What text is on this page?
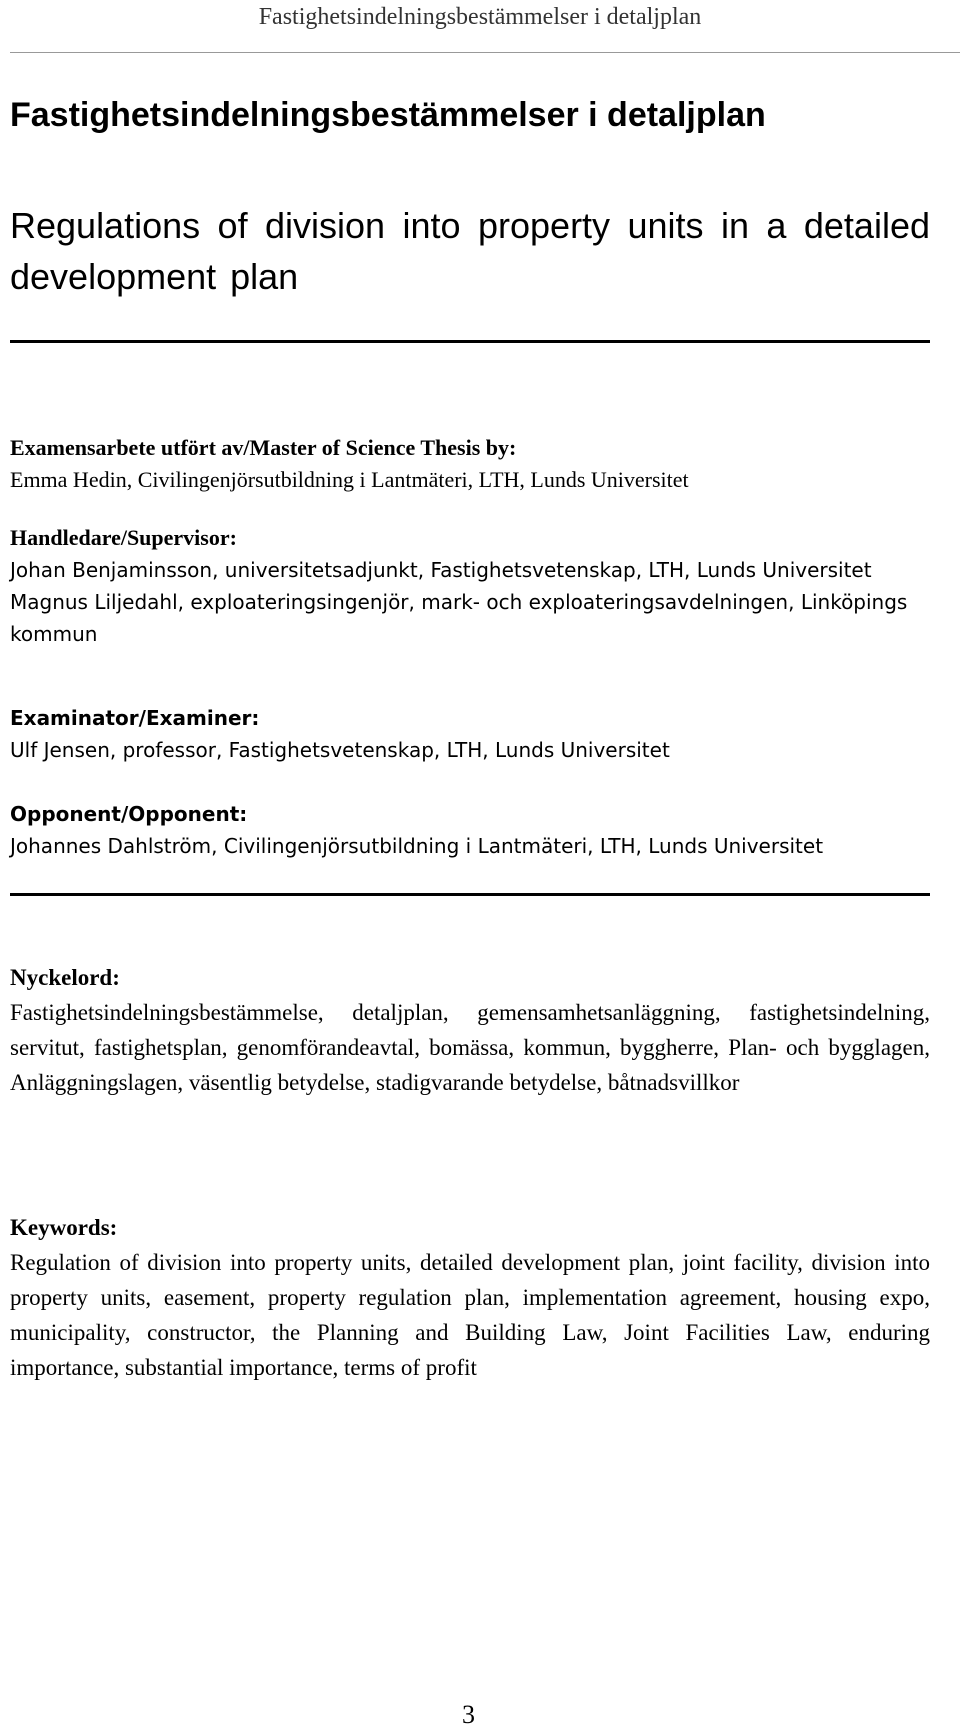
Fastighetsindelningsbestämmelser i detaljplan
Fastighetsindelningsbestämmelser i detaljplan
Regulations of division into property units in a detailed development plan
Examensarbete utfört av/Master of Science Thesis by:
Emma Hedin, Civilingenjörsutbildning i Lantmäteri, LTH, Lunds Universitet
Handledare/Supervisor:
Johan Benjaminsson, universitetsadjunkt, Fastighetsvetenskap, LTH, Lunds Universitet
Magnus Liljedahl, exploateringsingenjör, mark- och exploateringsavdelningen, Linköpings kommun
Examinator/Examiner:
Ulf Jensen, professor, Fastighetsvetenskap, LTH, Lunds Universitet
Opponent/Opponent:
Johannes Dahlström, Civilingenjörsutbildning i Lantmäteri, LTH, Lunds Universitet
Nyckelord:
Fastighetsindelningsbestämmelse, detaljplan, gemensamhetsanläggning, fastighetsindelning, servitut, fastighetsplan, genomförandeavtal, bomässa, kommun, byggherre, Plan- och bygglagen, Anläggningslagen, väsentlig betydelse, stadigvarande betydelse, båtnadsvillkor
Keywords:
Regulation of division into property units, detailed development plan, joint facility, division into property units, easement, property regulation plan, implementation agreement, housing expo, municipality, constructor, the Planning and Building Law, Joint Facilities Law, enduring importance, substantial importance, terms of profit
3
